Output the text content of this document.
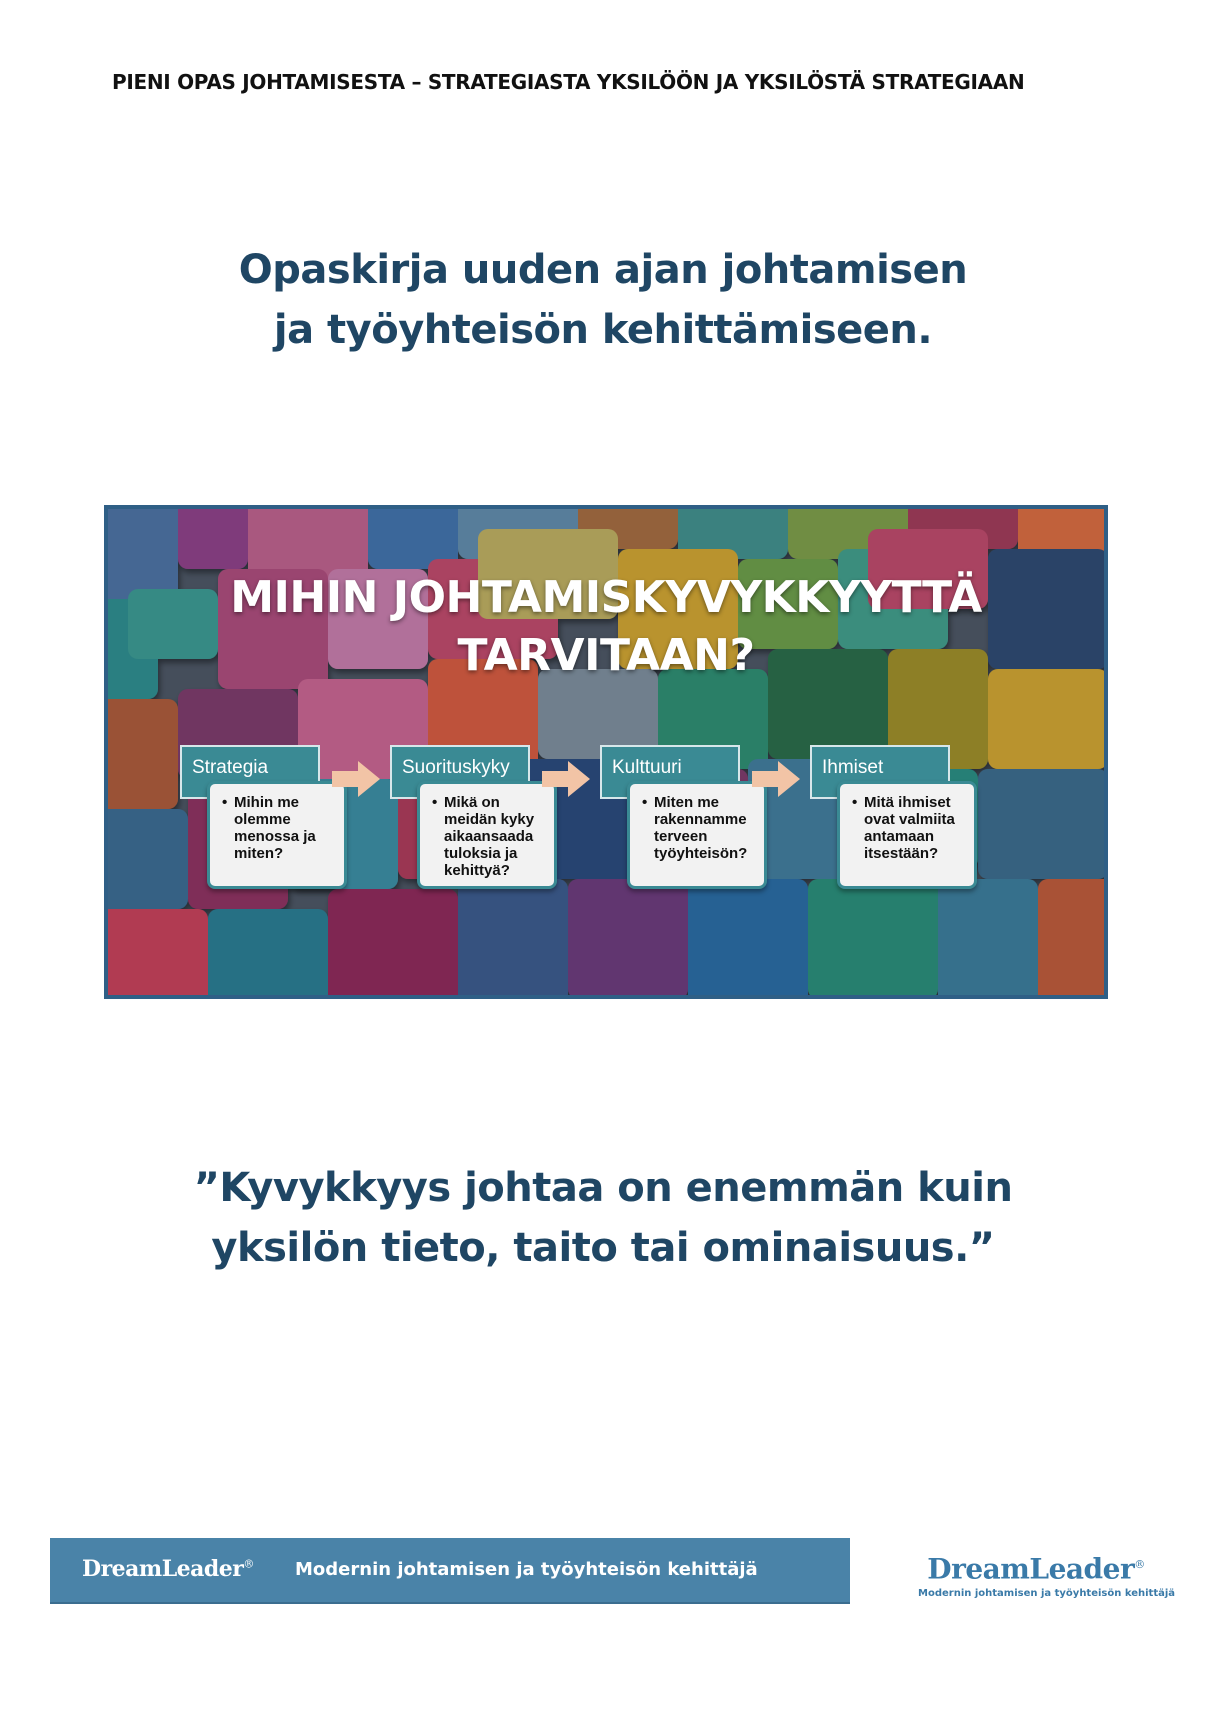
PIENI OPAS JOHTAMISESTA – STRATEGIASTA YKSILÖÖN JA YKSILÖSTÄ STRATEGIAAN
Opaskirja uuden ajan johtamisen
ja työyhteisön kehittämiseen.
MIHIN JOHTAMISKYVYKKYYTTÄ
TARVITAAN?
Strategia
• Mihin me olemme menossa ja miten?
Suorituskyky
• Mikä on meidän kyky aikaansaada tuloksia ja kehittyä?
Kulttuuri
• Miten me rakennamme terveen työyhteisön?
Ihmiset
• Mitä ihmiset ovat valmiita antamaan itsestään?
”Kyvykkyys johtaa on enemmän kuin
yksilön tieto, taito tai ominaisuus.”
DreamLeader® Modernin johtamisen ja työyhteisön kehittäjä	DreamLeader®
Modernin johtamisen ja työyhteisön kehittäjä
